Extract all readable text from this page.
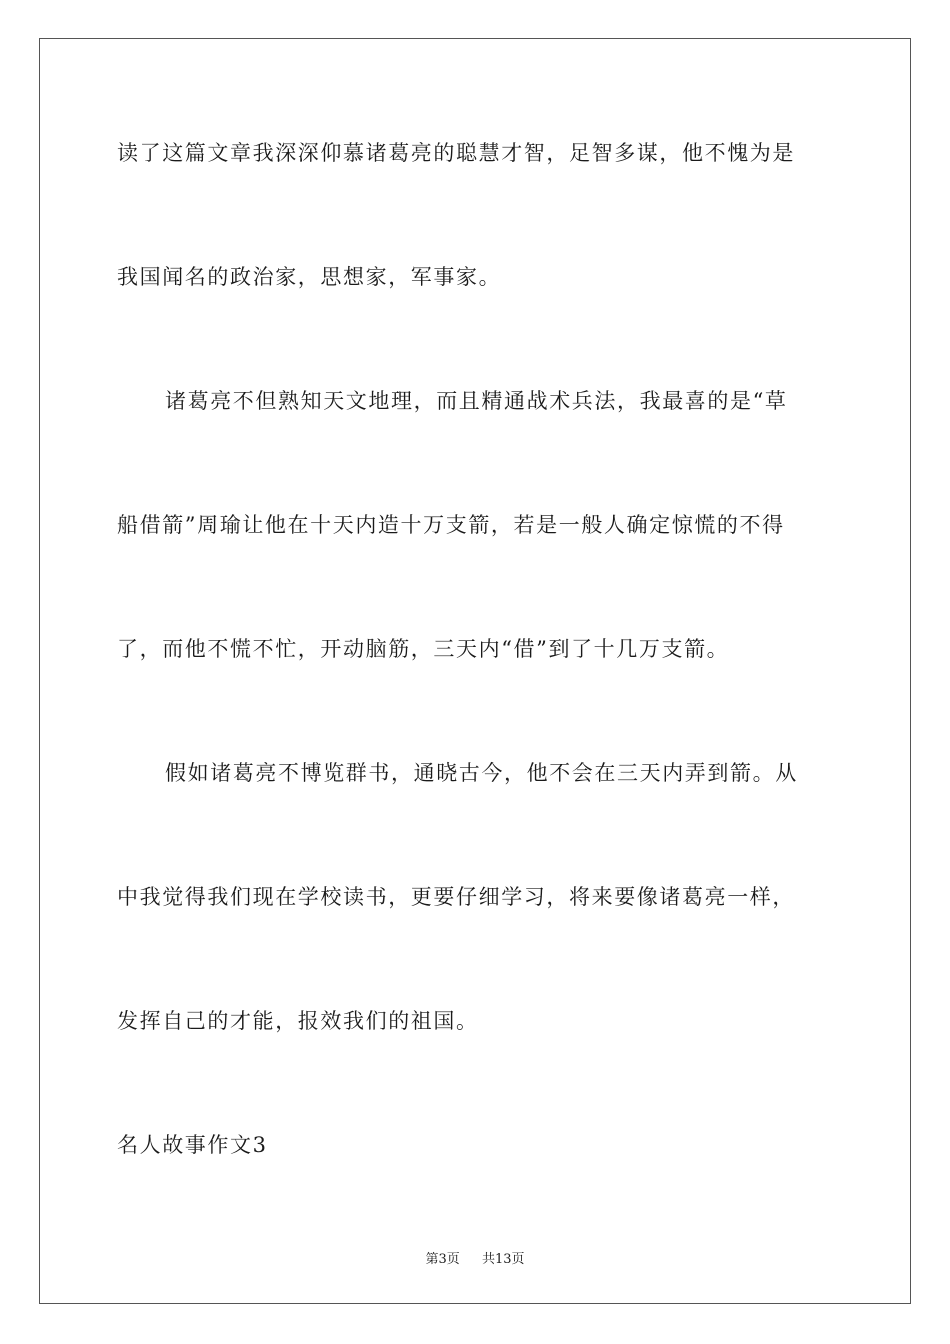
读了这篇文章我深深仰慕诸葛亮的聪慧才智，足智多谋，他不愧为是
我国闻名的政治家，思想家，军事家。
诸葛亮不但熟知天文地理，而且精通战术兵法，我最喜的是“草
船借箭”周瑜让他在十天内造十万支箭，若是一般人确定惊慌的不得
了，而他不慌不忙，开动脑筋，三天内“借”到了十几万支箭。
假如诸葛亮不博览群书，通晓古今，他不会在三天内弄到箭。从
中我觉得我们现在学校读书，更要仔细学习，将来要像诸葛亮一样，
发挥自己的才能，报效我们的祖国。
名人故事作文3
第3页 共13页
